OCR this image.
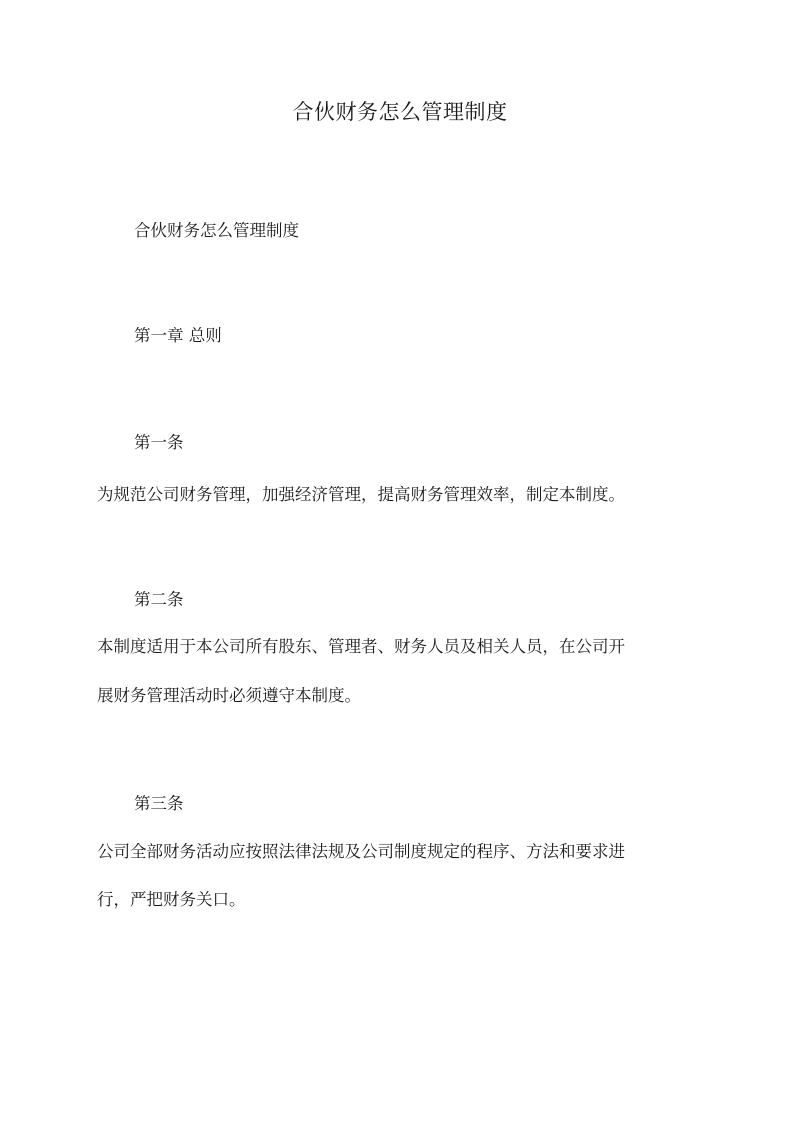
合伙财务怎么管理制度

合伙财务怎么管理制度

第一章 总则

第一条

为规范公司财务管理，加强经济管理，提高财务管理效率，制定本制度。

第二条

本制度适用于本公司所有股东、管理者、财务人员及相关人员，在公司开

展财务管理活动时必须遵守本制度。

第三条

公司全部财务活动应按照法律法规及公司制度规定的程序、方法和要求进

行，严把财务关口。
